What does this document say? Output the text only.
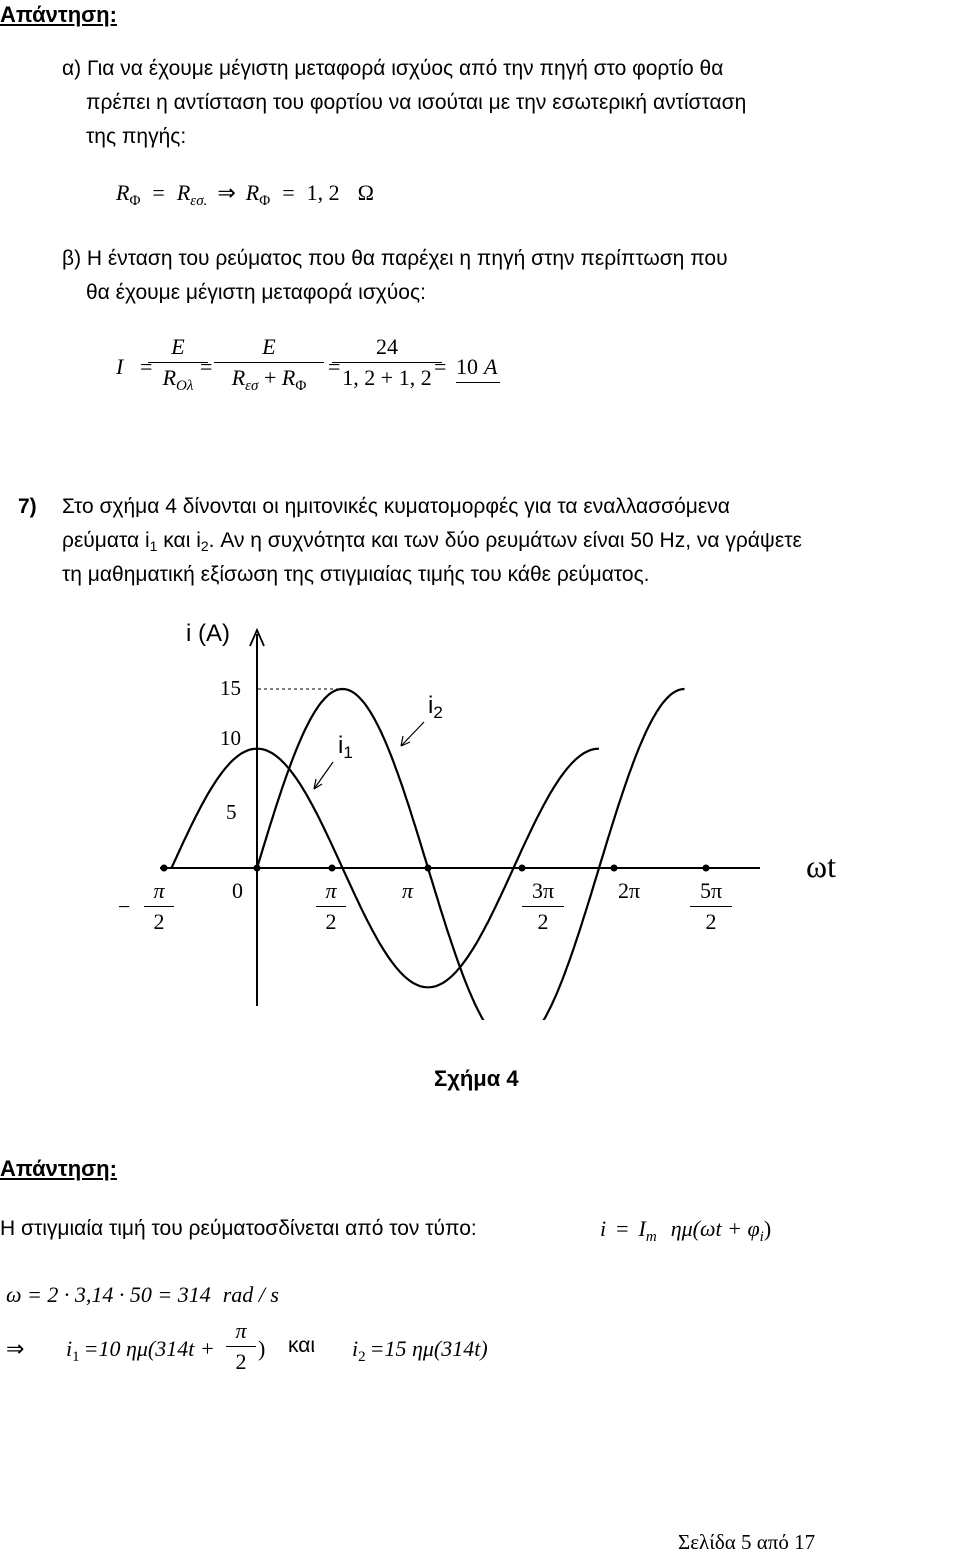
Απάντηση:
α) Για να έχουμε μέγιστη μεταφορά ισχύος από την πηγή στο φορτίο θα
πρέπει η αντίσταση του φορτίου να ισούται με την εσωτερική αντίσταση
της πηγής:
RΦ = Rεσ. ⇒ RΦ = 1, 2 Ω
β) Η ένταση του ρεύματος που θα παρέχει η πηγή στην περίπτωση που
θα έχουμε μέγιστη μεταφορά ισχύος:
I =
E
$R_{O\lambda}$
=
E
$R_{\varepsilon\sigma} + R_\Phi$
=
$\frac{24}{1, 2 + 1, 2}$
= 10 A
7) Στο σχήμα 4 δίνονται οι ημιτονικές κυματομορφές για τα εναλλασσόμενα
ρεύματα i1 και i2. Αν η συχνότητα και των δύο ρευμάτων είναι 50 Hz, να γράψετε
τη μαθηματική εξίσωση της στιγμιαίας τιμής του κάθε ρεύματος.
i (A)
15
10
5
$i_1$
$i_2$
− $\frac{\pi}{2}$	0	$\frac{\pi}{2}$	π	$\frac{3\pi}{2} 2\pi \frac{5\pi}{2}$
ωt
Σχήμα 4
Απάντηση:
Η στιγμιαία τιμή του ρεύματοσδίνεται από τον τύπο:	i = Im ημ(ωt + φi)
ω = 2 · 3,14 · 50 = 314 rad / s
⇒ i1 =10 $\eta\mu(314t + \frac{\pi}{2}$ ) και i2 =15 ημ(314t)
Σελίδα 5 από 17
